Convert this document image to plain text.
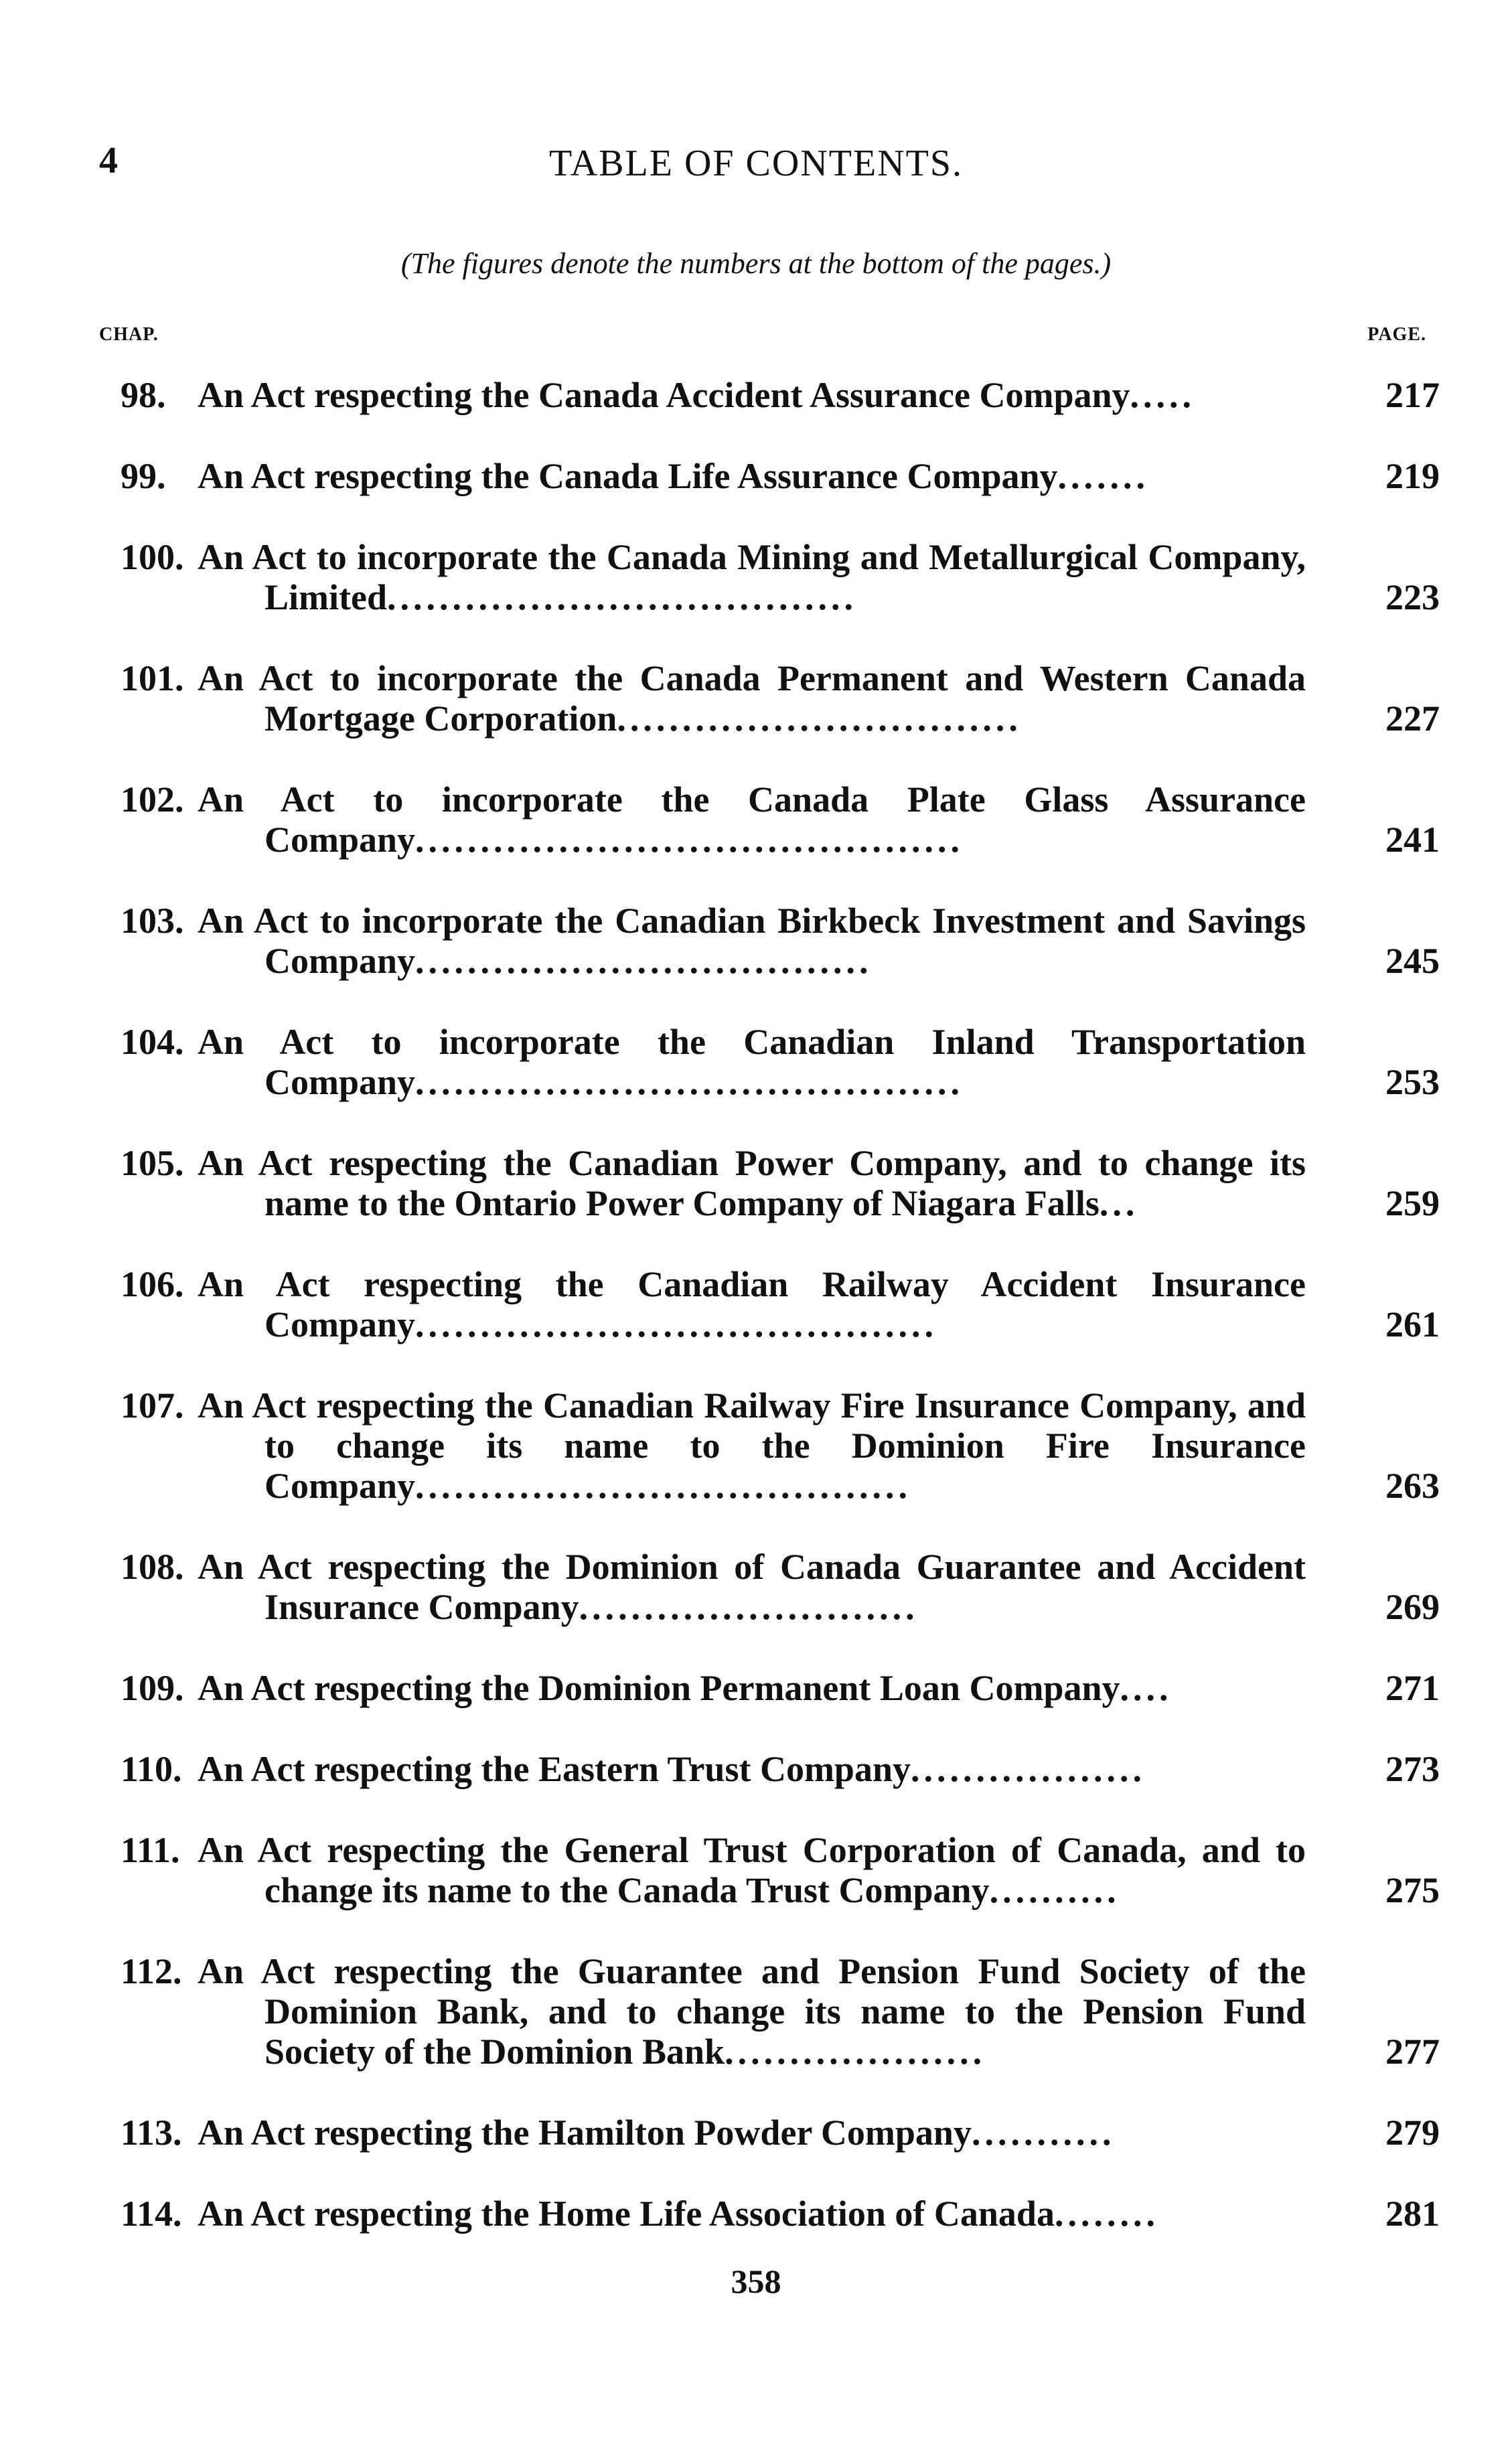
4	TABLE OF CONTENTS.
(The figures denote the numbers at the bottom of the pages.)
CHAP.	PAGE.
98. An Act respecting the Canada Accident Assurance Company.....	217
99. An Act respecting the Canada Life Assurance Company.......	219
100. An Act to incorporate the Canada Mining and Metallurgical Company, Limited....................................	223
101. An Act to incorporate the Canada Permanent and Western Canada Mortgage Corporation...............................	227
102. An Act to incorporate the Canada Plate Glass Assurance Company..........................................	241
103. An Act to incorporate the Canadian Birkbeck Investment and Savings Company...................................	245
104. An Act to incorporate the Canadian Inland Transportation Company..........................................	253
105. An Act respecting the Canadian Power Company, and to change its name to the Ontario Power Company of Niagara Falls...	259
106. An Act respecting the Canadian Railway Accident Insurance Company........................................	261
107. An Act respecting the Canadian Railway Fire Insurance Company, and to change its name to the Dominion Fire Insurance Company......................................	263
108. An Act respecting the Dominion of Canada Guarantee and Accident Insurance Company..........................	269
109. An Act respecting the Dominion Permanent Loan Company....	271
110. An Act respecting the Eastern Trust Company..................	273
111. An Act respecting the General Trust Corporation of Canada, and to change its name to the Canada Trust Company..........	275
112. An Act respecting the Guarantee and Pension Fund Society of the Dominion Bank, and to change its name to the Pension Fund Society of the Dominion Bank....................	277
113. An Act respecting the Hamilton Powder Company...........	279
114. An Act respecting the Home Life Association of Canada........	281
358
